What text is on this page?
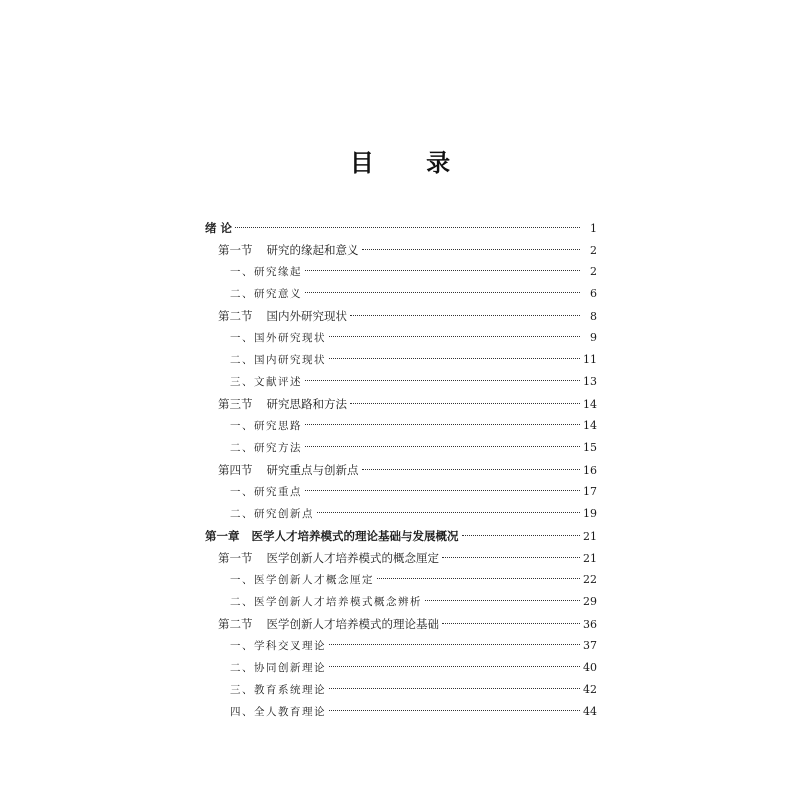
目 录
绪 论	1
第一节 研究的缘起和意义	2
一、研究缘起	2
二、研究意义	6
第二节 国内外研究现状	8
一、国外研究现状	9
二、国内研究现状	11
三、文献评述	13
第三节 研究思路和方法	14
一、研究思路	14
二、研究方法	15
第四节 研究重点与创新点	16
一、研究重点	17
二、研究创新点	19
第一章 医学人才培养模式的理论基础与发展概况	21
第一节 医学创新人才培养模式的概念厘定	21
一、医学创新人才概念厘定	22
二、医学创新人才培养模式概念辨析	29
第二节 医学创新人才培养模式的理论基础	36
一、学科交叉理论	37
二、协同创新理论	40
三、教育系统理论	42
四、全人教育理论	44
